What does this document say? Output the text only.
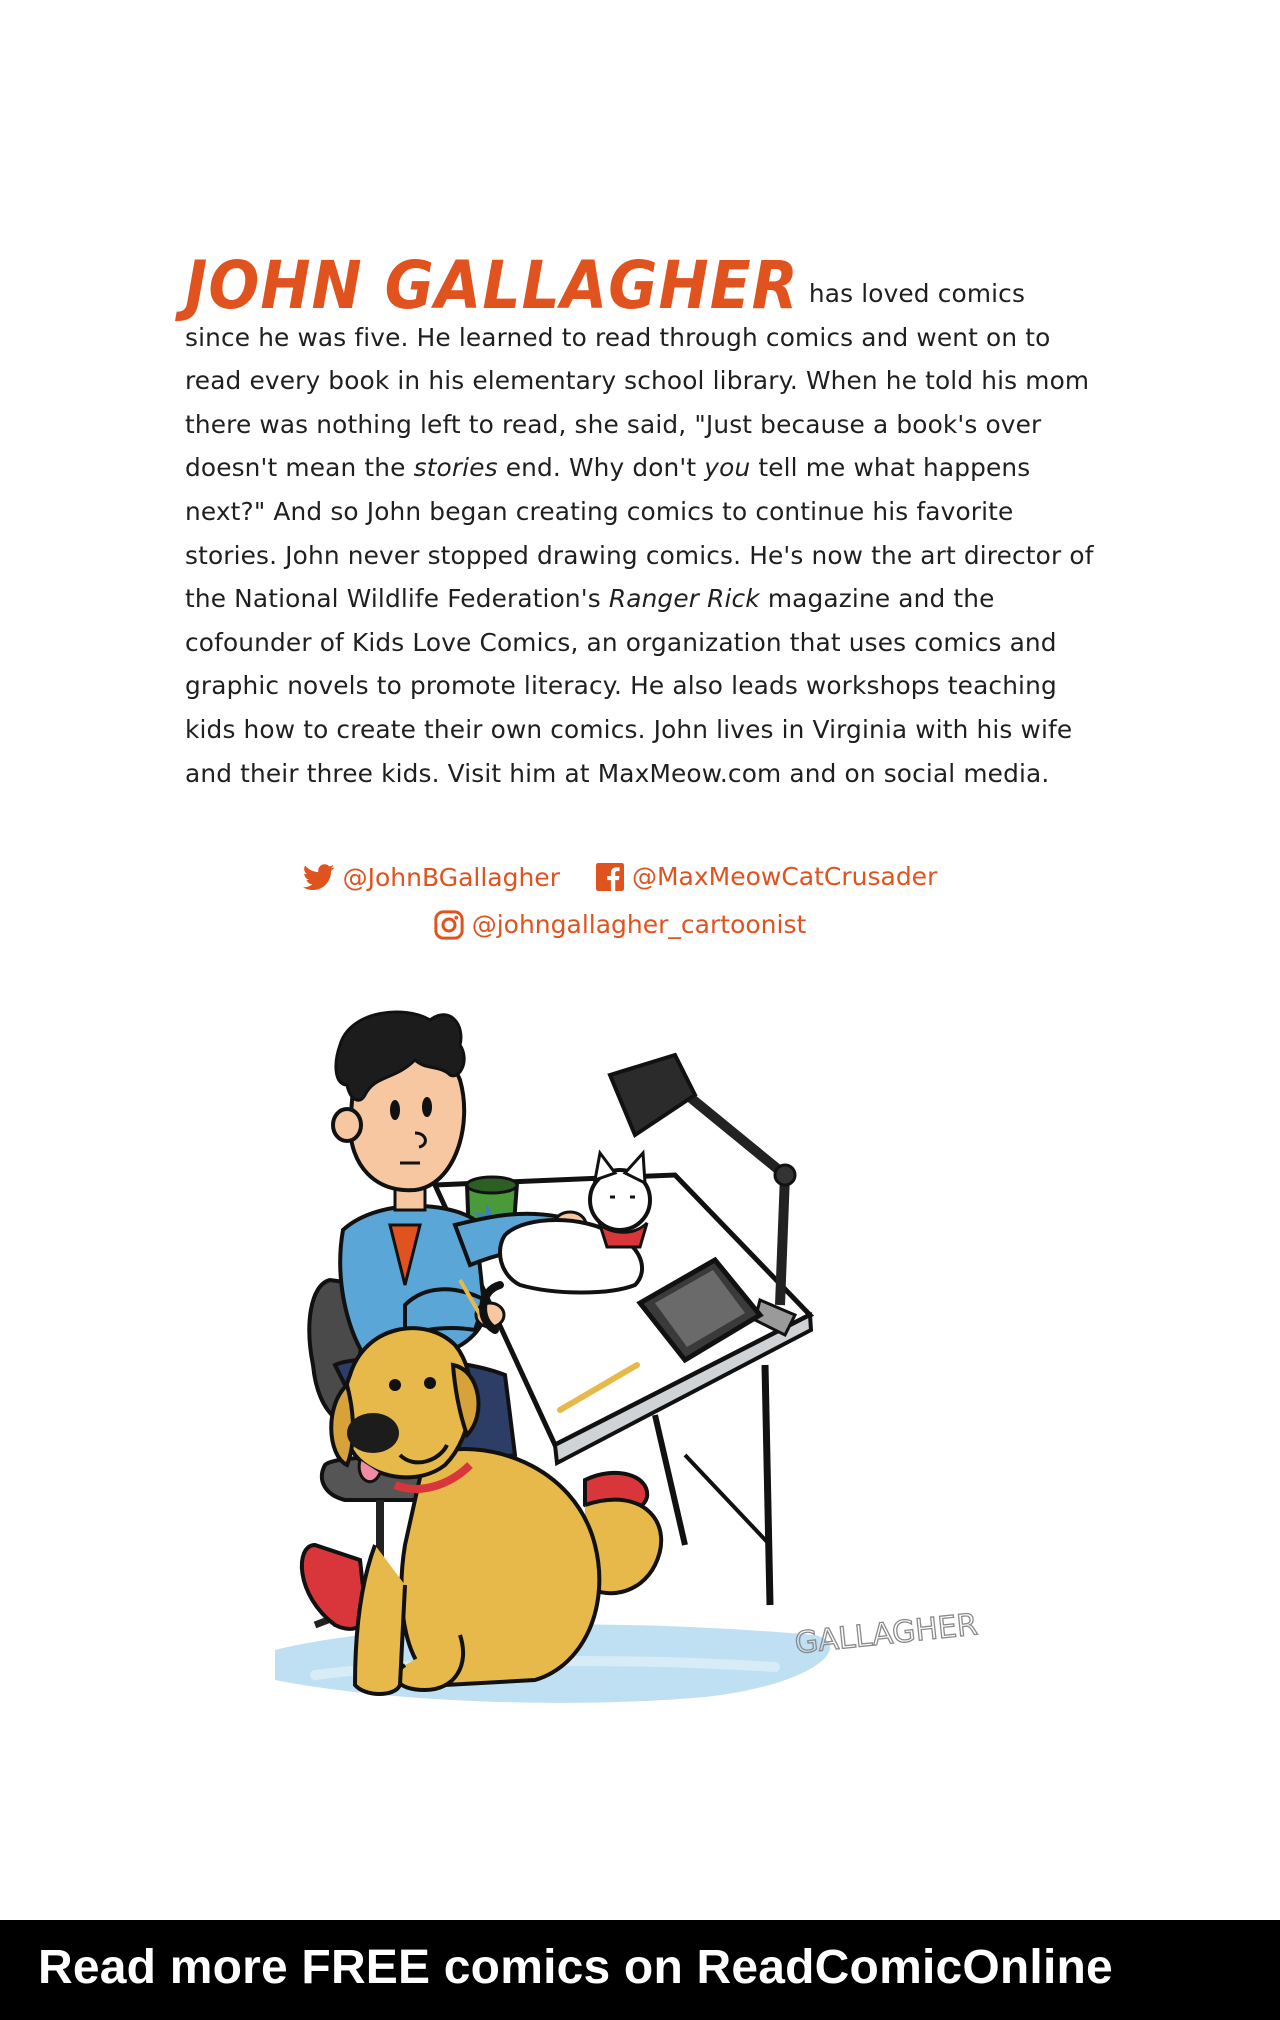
JOHN GALLAGHER has loved comics since he was five. He learned to read through comics and went on to read every book in his elementary school library. When he told his mom there was nothing left to read, she said, "Just because a book's over doesn't mean the stories end. Why don't you tell me what happens next?" And so John began creating comics to continue his favorite stories. John never stopped drawing comics. He's now the art director of the National Wildlife Federation's Ranger Rick magazine and the cofounder of Kids Love Comics, an organization that uses comics and graphic novels to promote literacy. He also leads workshops teaching kids how to create their own comics. John lives in Virginia with his wife and their three kids. Visit him at MaxMeow.com and on social media.
@JohnBGallagher
	@MaxMeowCatCrusader
@johngallagher_cartoonist
GALLAGHER
Read more FREE comics on ReadComicOnline
